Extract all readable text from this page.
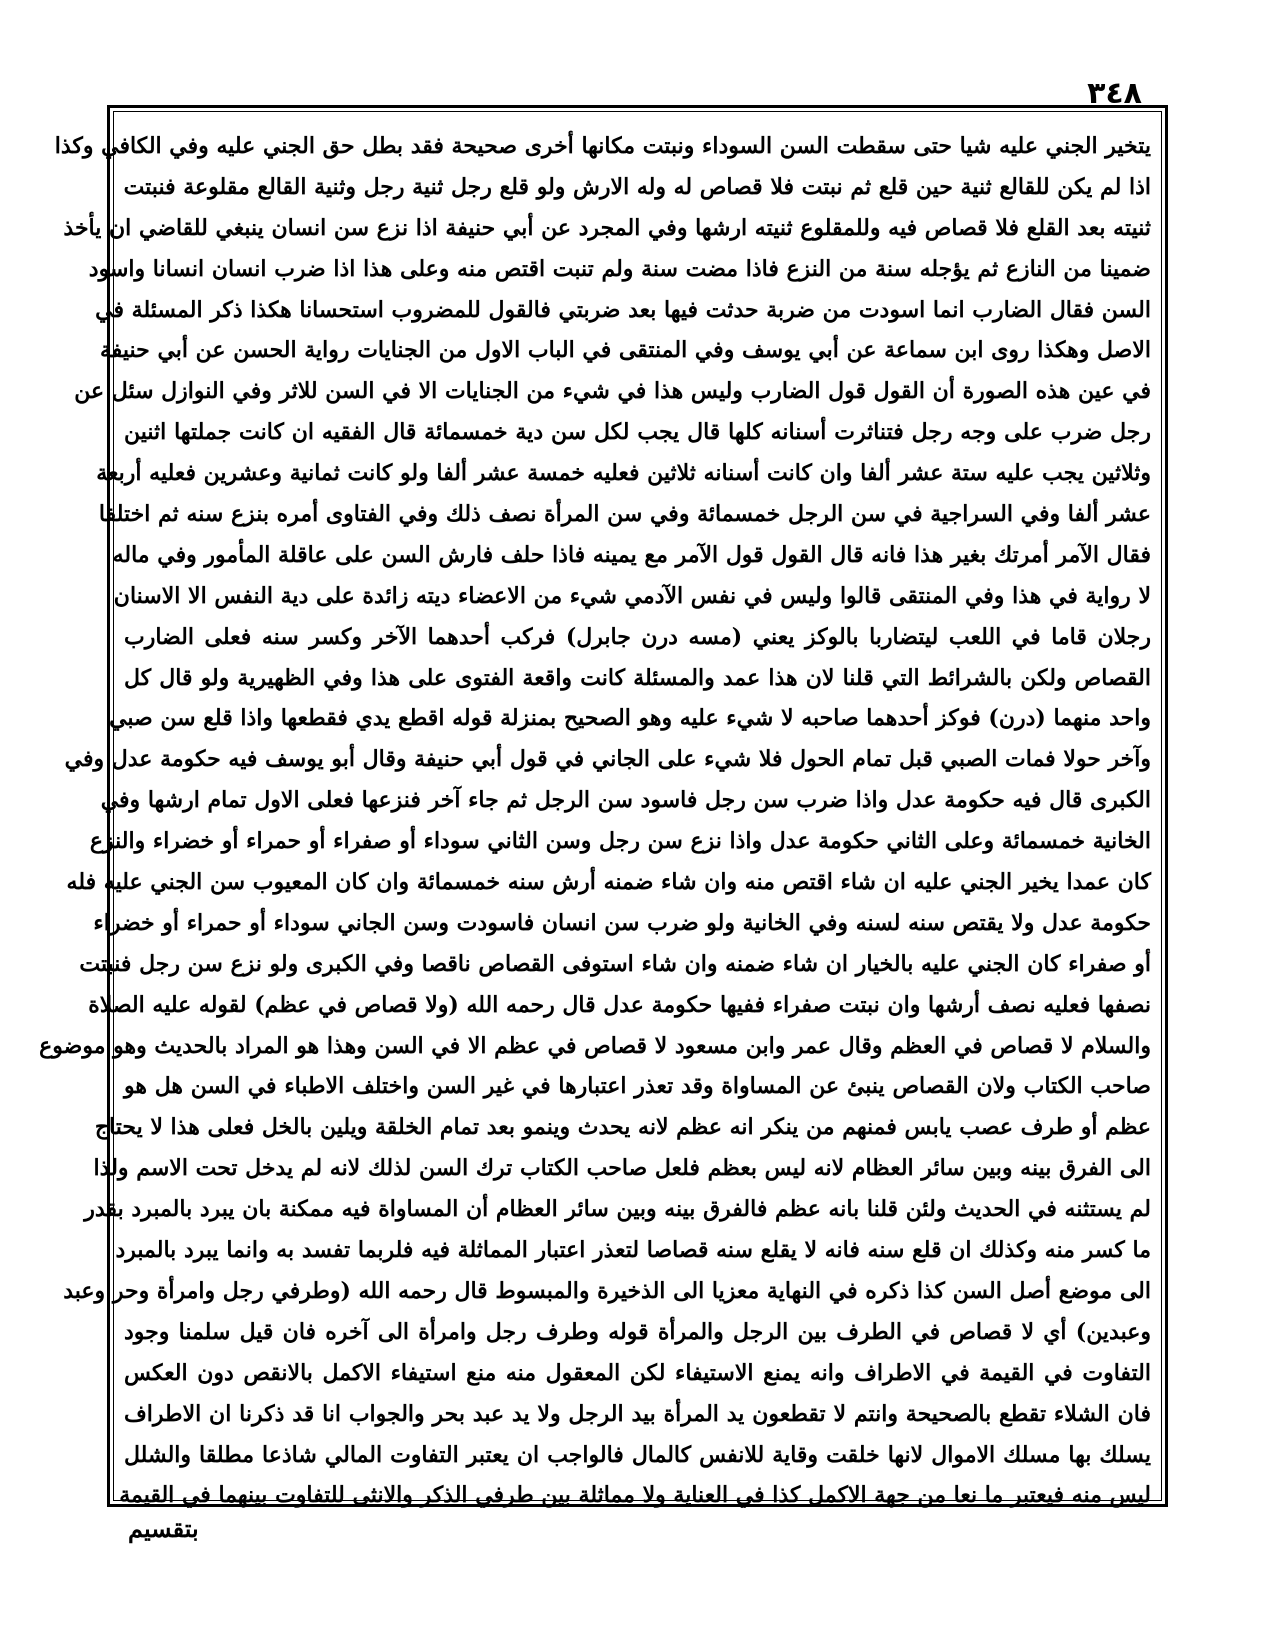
٣٤٨
يتخير الجني عليه شيا حتى سقطت السن السوداء ونبتت مكانها أخرى صحيحة فقد بطل حق الجني عليه وفي الكافي وكذا
اذا لم يكن للقالع ثنية حين قلع ثم نبتت فلا قصاص له وله الارش ولو قلع رجل ثنية رجل وثنية القالع مقلوعة فنبتت
ثنيته بعد القلع فلا قصاص فيه وللمقلوع ثنيته ارشها وفي المجرد عن أبي حنيفة اذا نزع سن انسان ينبغي للقاضي ان يأخذ
ضمينا من النازع ثم يؤجله سنة من النزع فاذا مضت سنة ولم تنبت اقتص منه وعلى هذا اذا ضرب انسان انسانا واسود
السن فقال الضارب انما اسودت من ضربة حدثت فيها بعد ضربتي فالقول للمضروب استحسانا هكذا ذكر المسئلة في
الاصل وهكذا روى ابن سماعة عن أبي يوسف وفي المنتقى في الباب الاول من الجنايات رواية الحسن عن أبي حنيفة
في عين هذه الصورة أن القول قول الضارب وليس هذا في شيء من الجنايات الا في السن للاثر وفي النوازل سئل عن
رجل ضرب على وجه رجل فتناثرت أسنانه كلها قال يجب لكل سن دية خمسمائة قال الفقيه ان كانت جملتها اثنين
وثلاثين يجب عليه ستة عشر ألفا وان كانت أسنانه ثلاثين فعليه خمسة عشر ألفا ولو كانت ثمانية وعشرين فعليه أربعة
عشر ألفا وفي السراجية في سن الرجل خمسمائة وفي سن المرأة نصف ذلك وفي الفتاوى أمره بنزع سنه ثم اختلفا
فقال الآمر أمرتك بغير هذا فانه قال القول قول الآمر مع يمينه فاذا حلف فارش السن على عاقلة المأمور وفي ماله
لا رواية في هذا وفي المنتقى قالوا وليس في نفس الآدمي شيء من الاعضاء ديته زائدة على دية النفس الا الاسنان
رجلان قاما في اللعب ليتضاربا بالوكز يعني (مسه درن جابرل) فركب أحدهما الآخر وكسر سنه فعلى الضارب
القصاص ولكن بالشرائط التي قلنا لان هذا عمد والمسئلة كانت واقعة الفتوى على هذا وفي الظهيرية ولو قال كل
واحد منهما (درن) فوكز أحدهما صاحبه لا شيء عليه وهو الصحيح بمنزلة قوله اقطع يدي فقطعها واذا قلع سن صبي
وآخر حولا فمات الصبي قبل تمام الحول فلا شيء على الجاني في قول أبي حنيفة وقال أبو يوسف فيه حكومة عدل وفي
الكبرى قال فيه حكومة عدل واذا ضرب سن رجل فاسود سن الرجل ثم جاء آخر فنزعها فعلى الاول تمام ارشها وفي
الخانية خمسمائة وعلى الثاني حكومة عدل واذا نزع سن رجل وسن الثاني سوداء أو صفراء أو حمراء أو خضراء والنزع
كان عمدا يخير الجني عليه ان شاء اقتص منه وان شاء ضمنه أرش سنه خمسمائة وان كان المعيوب سن الجني عليه فله
حكومة عدل ولا يقتص سنه لسنه وفي الخانية ولو ضرب سن انسان فاسودت وسن الجاني سوداء أو حمراء أو خضراء
أو صفراء كان الجني عليه بالخيار ان شاء ضمنه وان شاء استوفى القصاص ناقصا وفي الكبرى ولو نزع سن رجل فنبتت
نصفها فعليه نصف أرشها وان نبتت صفراء ففيها حكومة عدل قال رحمه الله (ولا قصاص في عظم) لقوله عليه الصلاة
والسلام لا قصاص في العظم وقال عمر وابن مسعود لا قصاص في عظم الا في السن وهذا هو المراد بالحديث وهو موضوع
صاحب الكتاب ولان القصاص ينبئ عن المساواة وقد تعذر اعتبارها في غير السن واختلف الاطباء في السن هل هو
عظم أو طرف عصب يابس فمنهم من ينكر انه عظم لانه يحدث وينمو بعد تمام الخلقة ويلين بالخل فعلى هذا لا يحتاج
الى الفرق بينه وبين سائر العظام لانه ليس بعظم فلعل صاحب الكتاب ترك السن لذلك لانه لم يدخل تحت الاسم ولذا
لم يستثنه في الحديث ولئن قلنا بانه عظم فالفرق بينه وبين سائر العظام أن المساواة فيه ممكنة بان يبرد بالمبرد بقدر
ما كسر منه وكذلك ان قلع سنه فانه لا يقلع سنه قصاصا لتعذر اعتبار المماثلة فيه فلربما تفسد به وانما يبرد بالمبرد
الى موضع أصل السن كذا ذكره في النهاية معزيا الى الذخيرة والمبسوط قال رحمه الله (وطرفي رجل وامرأة وحر وعبد
وعبدين) أي لا قصاص في الطرف بين الرجل والمرأة قوله وطرف رجل وامرأة الى آخره فان قيل سلمنا وجود
التفاوت في القيمة في الاطراف وانه يمنع الاستيفاء لكن المعقول منه منع استيفاء الاكمل بالانقص دون العكس
فان الشلاء تقطع بالصحيحة وانتم لا تقطعون يد المرأة بيد الرجل ولا يد عبد بحر والجواب انا قد ذكرنا ان الاطراف
يسلك بها مسلك الاموال لانها خلقت وقاية للانفس كالمال فالواجب ان يعتبر التفاوت المالي شاذعا مطلقا والشلل
ليس منه فيعتبر ما نعا من جهة الاكمل كذا في العناية ولا مماثلة بين طرفي الذكر والانثى للتفاوت بينهما في القيمة
بتقسيم
